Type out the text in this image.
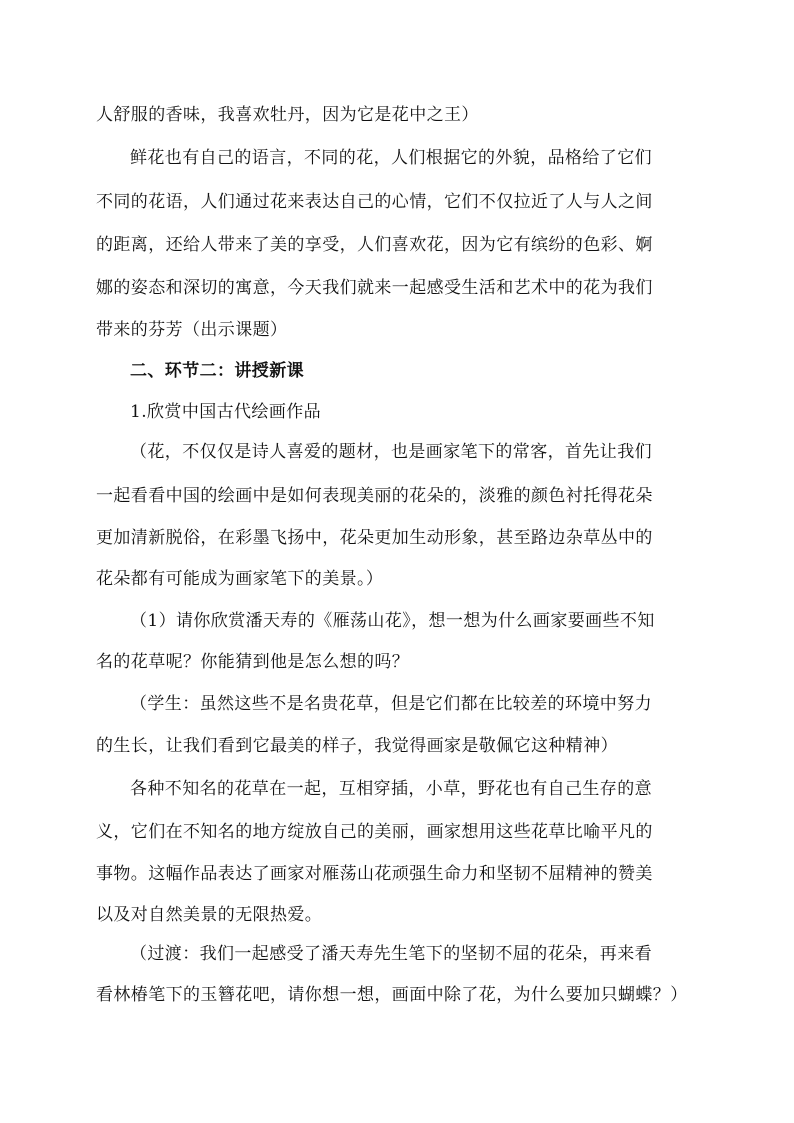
人舒服的香味，我喜欢牡丹，因为它是花中之王）
鲜花也有自己的语言，不同的花，人们根据它的外貌，品格给了它们
不同的花语，人们通过花来表达自己的心情，它们不仅拉近了人与人之间
的距离，还给人带来了美的享受，人们喜欢花，因为它有缤纷的色彩、婀
娜的姿态和深切的寓意，今天我们就来一起感受生活和艺术中的花为我们
带来的芬芳（出示课题）
二、环节二：讲授新课
1.欣赏中国古代绘画作品
（花，不仅仅是诗人喜爱的题材，也是画家笔下的常客，首先让我们
一起看看中国的绘画中是如何表现美丽的花朵的，淡雅的颜色衬托得花朵
更加清新脱俗，在彩墨飞扬中，花朵更加生动形象，甚至路边杂草丛中的
花朵都有可能成为画家笔下的美景。）
（1）请你欣赏潘天寿的《雁荡山花》，想一想为什么画家要画些不知
名的花草呢？你能猜到他是怎么想的吗？
（学生：虽然这些不是名贵花草，但是它们都在比较差的环境中努力
的生长，让我们看到它最美的样子，我觉得画家是敬佩它这种精神）
各种不知名的花草在一起，互相穿插，小草，野花也有自己生存的意
义，它们在不知名的地方绽放自己的美丽，画家想用这些花草比喻平凡的
事物。这幅作品表达了画家对雁荡山花顽强生命力和坚韧不屈精神的赞美
以及对自然美景的无限热爱。
（过渡：我们一起感受了潘天寿先生笔下的坚韧不屈的花朵，再来看
看林椿笔下的玉簪花吧，请你想一想，画面中除了花，为什么要加只蝴蝶？）
